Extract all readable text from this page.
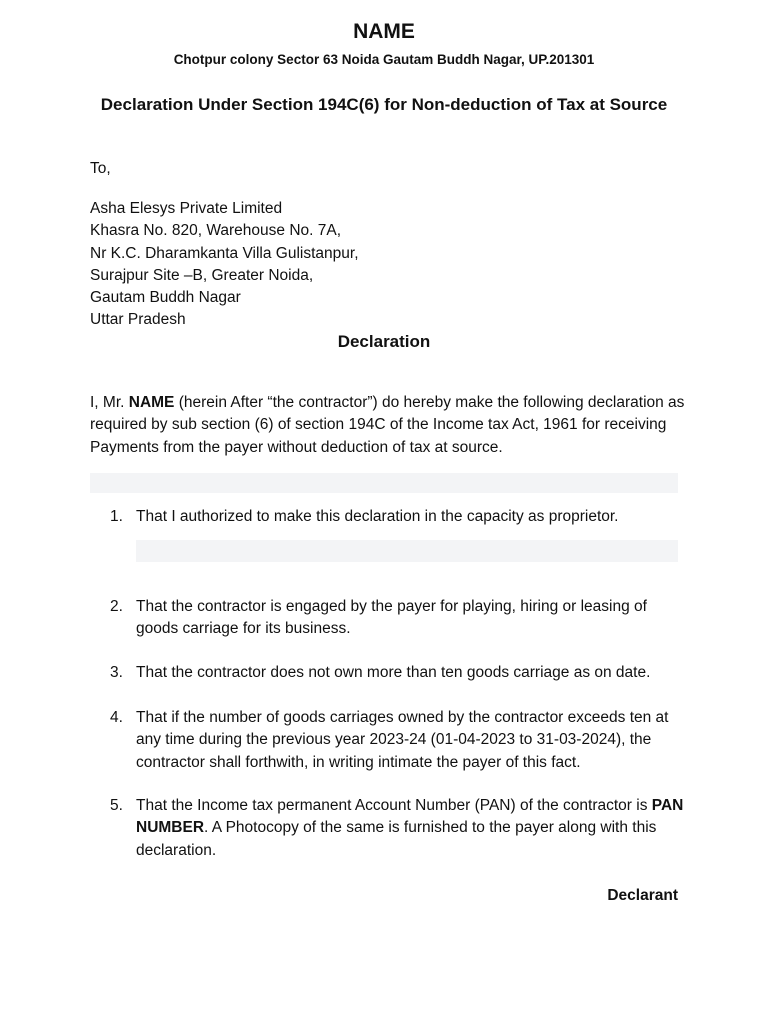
NAME
Chotpur colony Sector 63 Noida Gautam Buddh Nagar, UP.201301
Declaration Under Section 194C(6) for Non-deduction of Tax at Source
To,
Asha Elesys Private Limited
Khasra No. 820, Warehouse No. 7A,
Nr K.C. Dharamkanta Villa Gulistanpur,
Surajpur Site –B, Greater Noida,
Gautam Buddh Nagar
Uttar Pradesh
Declaration
I, Mr. NAME (herein After “the contractor”) do hereby make the following declaration as required by sub section (6) of section 194C of the Income tax Act, 1961 for receiving Payments from the payer without deduction of tax at source.
1. That I authorized to make this declaration in the capacity as proprietor.
2. That the contractor is engaged by the payer for playing, hiring or leasing of goods carriage for its business.
3. That the contractor does not own more than ten goods carriage as on date.
4. That if the number of goods carriages owned by the contractor exceeds ten at any time during the previous year 2023-24 (01-04-2023 to 31-03-2024), the contractor shall forthwith, in writing intimate the payer of this fact.
5. That the Income tax permanent Account Number (PAN) of the contractor is PAN NUMBER. A Photocopy of the same is furnished to the payer along with this declaration.
Declarant
